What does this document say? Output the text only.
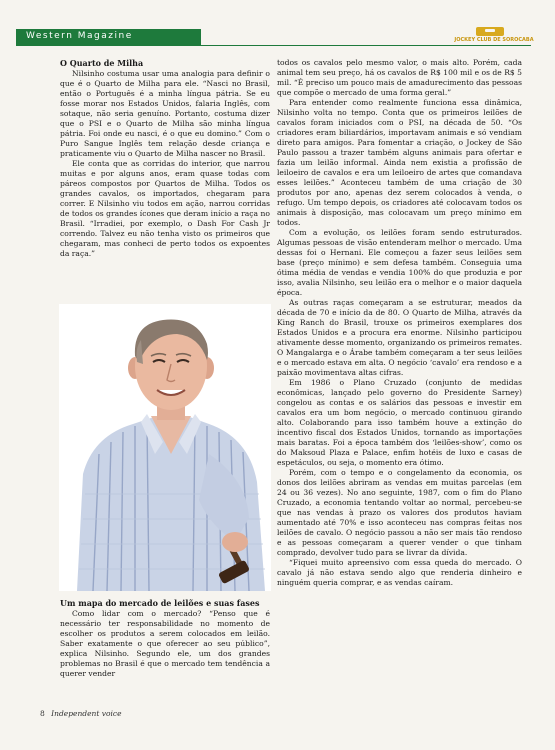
Western Magazine	JOCKEY CLUB DE SOROCABA

O Quarto de Milha

Nilsinho costuma usar uma analogia para definir o que é o Quarto de Milha para ele. “Nasci no Brasil, então o Português é a minha língua pátria. Se eu fosse morar nos Estados Unidos, falaria Inglês, com sotaque, não seria genuíno. Portanto, costuma dizer que o PSI e o Quarto de Milha são minha língua pátria. Foi onde eu nasci, é o que eu domino.” Com o Puro Sangue Inglês tem relação desde criança e praticamente viu o Quarto de Milha nascer no Brasil.

Ele conta que as corridas do interior, que narrou muitas e por alguns anos, eram quase todas com páreos compostos por Quartos de Milha. Todos os grandes cavalos, os importados, chegaram para correr. E Nilsinho viu todos em ação, narrou corridas de todos os grandes ícones que deram início a raça no Brasil. “Irradiei, por exemplo, o Dash For Cash Jr correndo. Talvez eu não tenha visto os primeiros que chegaram, mas conheci de perto todos os expoentes da raça.”

Um mapa do mercado de leilões e suas fases

Como lidar com o mercado? “Penso que é necessário ter responsabilidade no momento de escolher os produtos a serem colocados em leilão. Saber exatamente o que oferecer ao seu público”, explica Nilsinho. Segundo ele, um dos grandes problemas no Brasil é que o mercado tem tendência a querer vender

todos os cavalos pelo mesmo valor, o mais alto. Porém, cada animal tem seu preço, há os cavalos de R$ 100 mil e os de R$ 5 mil. “É preciso um pouco mais de amadurecimento das pessoas que compõe o mercado de uma forma geral.”

Para entender como realmente funciona essa dinâmica, Nilsinho volta no tempo. Conta que os primeiros leilões de cavalos foram iniciados com o PSI, na década de 50. “Os criadores eram biliardários, importavam animais e só vendiam direto para amigos. Para fomentar a criação, o Jockey de São Paulo passou a trazer também alguns animais para ofertar e fazia um leilão informal. Ainda nem existia a profissão de leiloeiro de cavalos e era um leiloeiro de artes que comandava esses leilões.” Aconteceu também de uma criação de 30 produtos por ano, apenas dez serem colocados à venda, o refugo. Um tempo depois, os criadores até colocavam todos os animais à disposição, mas colocavam um preço mínimo em todos.

Com a evolução, os leilões foram sendo estruturados. Algumas pessoas de visão entenderam melhor o mercado. Uma dessas foi o Hernani. Ele começou a fazer seus leilões sem base (preço mínimo) e sem defesa também. Conseguia uma ótima média de vendas e vendia 100% do que produzia e por isso, avalia Nilsinho, seu leilão era o melhor e o maior daquela época.

As outras raças começaram a se estruturar, meados da década de 70 e início da de 80. O Quarto de Milha, através da King Ranch do Brasil, trouxe os primeiros exemplares dos Estados Unidos e a procura era enorme. Nilsinho participou ativamente desse momento, organizando os primeiros remates. O Mangalarga e o Árabe também começaram a ter seus leilões e o mercado estava em alta. O negócio ‘cavalo’ era rendoso e a paixão movimentava altas cifras.

Em 1986 o Plano Cruzado (conjunto de medidas econômicas, lançado pelo governo do Presidente Sarney) congelou as contas e os salários das pessoas e investir em cavalos era um bom negócio, o mercado continuou girando alto. Colaborando para isso também houve a extinção do incentivo fiscal dos Estados Unidos, tornando as importações mais baratas. Foi a época também dos ‘leilões-show’, como os do Maksoud Plaza e Palace, enfim hotéis de luxo e casas de espetáculos, ou seja, o momento era ótimo.

Porém, com o tempo e o congelamento da economia, os donos dos leilões abriram as vendas em muitas parcelas (em 24 ou 36 vezes). No ano seguinte, 1987, com o fim do Plano Cruzado, a economia tentando voltar ao normal, percebeu-se que nas vendas à prazo os valores dos produtos haviam aumentado até 70% e isso aconteceu nas compras feitas nos leilões de cavalo. O negócio passou a não ser mais tão rendoso e as pessoas começaram a querer vender o que tinham comprado, devolver tudo para se livrar da dívida.

“Fiquei muito apreensivo com essa queda do mercado. O cavalo já não estava sendo algo que renderia dinheiro e ninguém queria comprar, e as vendas caíram.

8 Independent voice
